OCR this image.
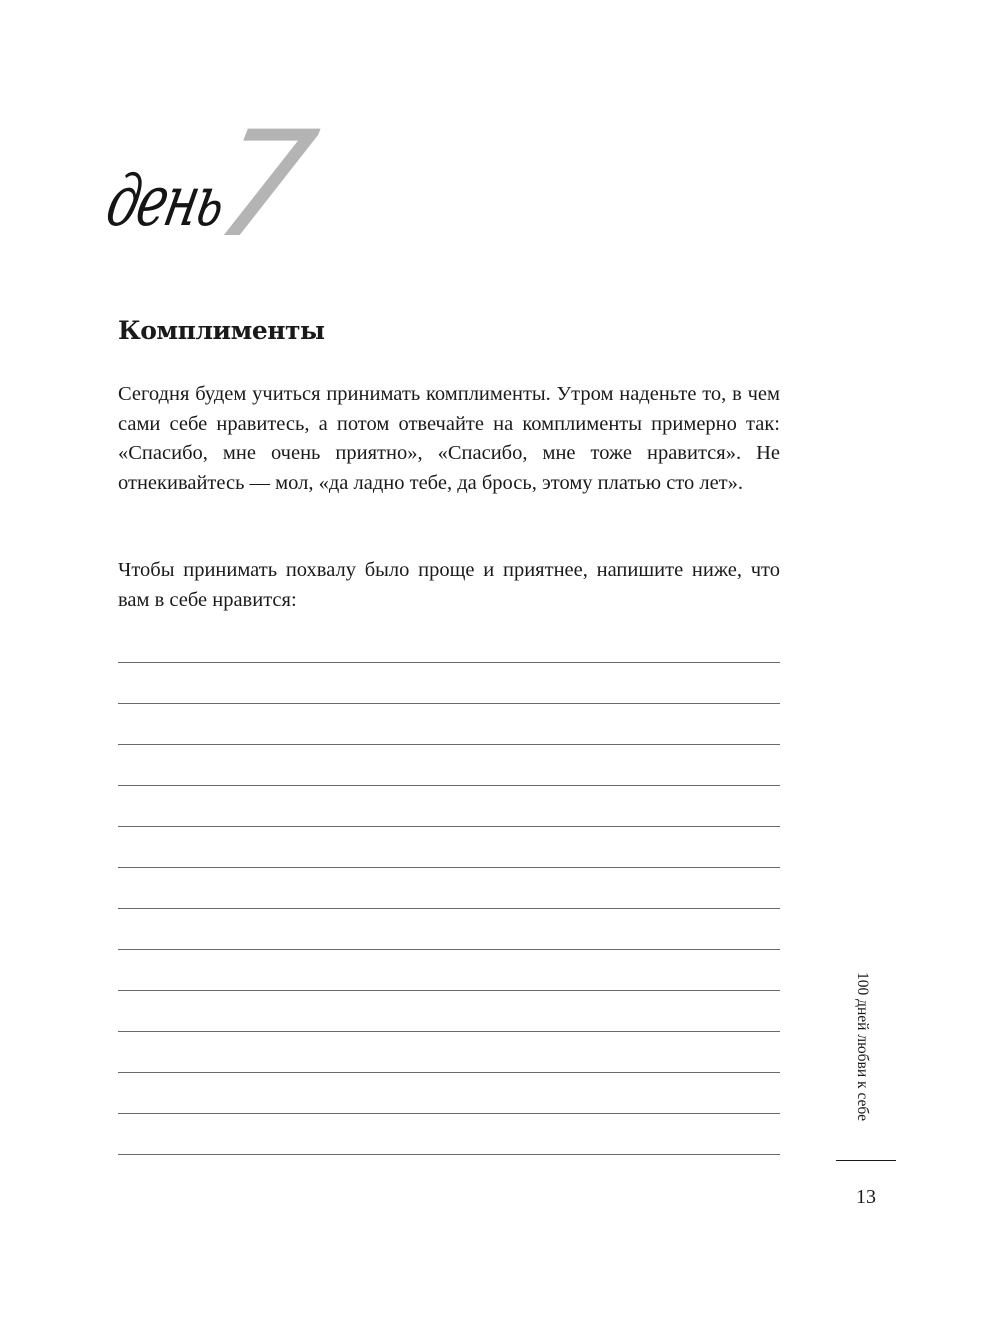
день
7
Комплименты

Сегодня будем учиться принимать комплименты. Утром наденьте то, в чем сами себе нравитесь, а потом отвечайте на комплименты примерно так: «Спасибо, мне очень приятно», «Спасибо, мне тоже нравится». Не отнекивайтесь — мол, «да ладно тебе, да брось, этому платью сто лет».

Чтобы принимать похвалу было проще и приятнее, напишите ниже, что вам в себе нравится:

100 дней любви к себе
13
